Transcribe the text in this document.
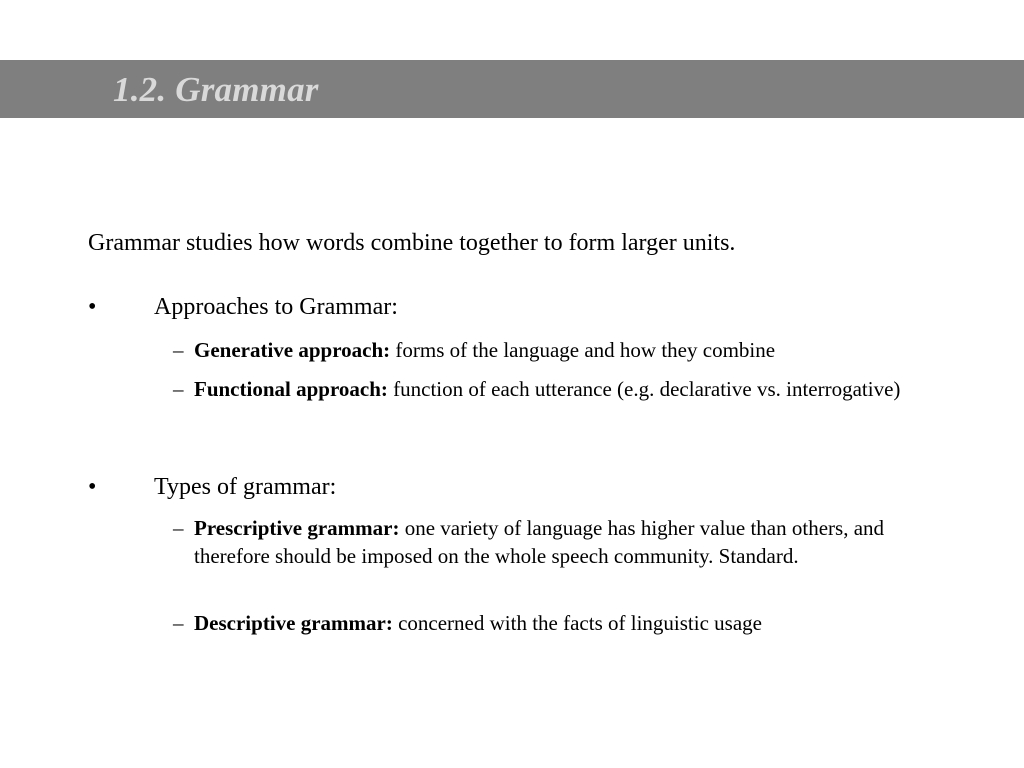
1.2. Grammar

Grammar studies how words combine together to form larger units.

• Approaches to Grammar:
– Generative approach: forms of the language and how they combine
– Functional approach: function of each utterance (e.g. declarative vs. interrogative)
• Types of grammar:
– Prescriptive grammar: one variety of language has higher value than others, and therefore should be imposed on the whole speech community. Standard.
– Descriptive grammar: concerned with the facts of linguistic usage
